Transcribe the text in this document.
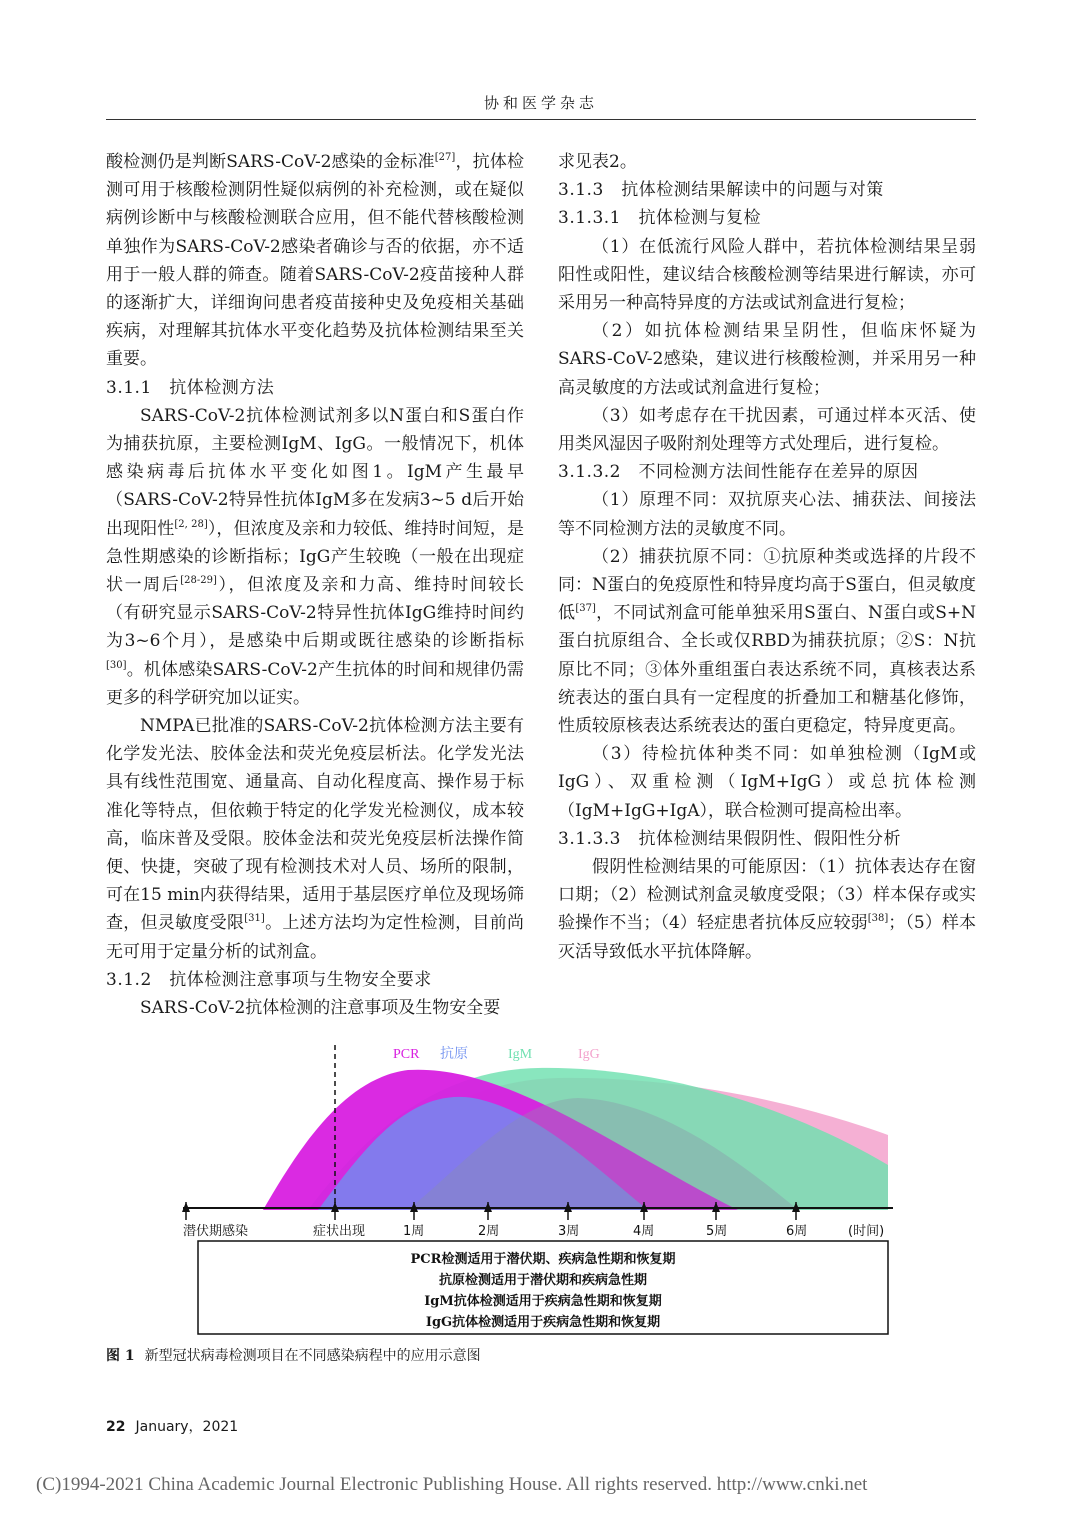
协和医学杂志

酸检测仍是判断SARS-CoV-2感染的金标准[27]，抗体检测可用于核酸检测阴性疑似病例的补充检测，或在疑似病例诊断中与核酸检测联合应用，但不能代替核酸检测单独作为SARS-CoV-2感染者确诊与否的依据，亦不适用于一般人群的筛查。随着SARS-CoV-2疫苗接种人群的逐渐扩大，详细询问患者疫苗接种史及免疫相关基础疾病，对理解其抗体水平变化趋势及抗体检测结果至关重要。

3.1.1　抗体检测方法

SARS-CoV-2抗体检测试剂多以N蛋白和S蛋白作为捕获抗原，主要检测IgM、IgG。一般情况下，机体感染病毒后抗体水平变化如图1。IgM产生最早（SARS-CoV-2特异性抗体IgM多在发病3~5 d后开始出现阳性[2, 28]），但浓度及亲和力较低、维持时间短，是急性期感染的诊断指标；IgG产生较晚（一般在出现症状一周后[28-29]），但浓度及亲和力高、维持时间较长（有研究显示SARS-CoV-2特异性抗体IgG维持时间约为3~6个月），是感染中后期或既往感染的诊断指标[30]。机体感染SARS-CoV-2产生抗体的时间和规律仍需更多的科学研究加以证实。

NMPA已批准的SARS-CoV-2抗体检测方法主要有化学发光法、胶体金法和荧光免疫层析法。化学发光法具有线性范围宽、通量高、自动化程度高、操作易于标准化等特点，但依赖于特定的化学发光检测仪，成本较高，临床普及受限。胶体金法和荧光免疫层析法操作简便、快捷，突破了现有检测技术对人员、场所的限制，可在15 min内获得结果，适用于基层医疗单位及现场筛查，但灵敏度受限[31]。上述方法均为定性检测，目前尚无可用于定量分析的试剂盒。

3.1.2　抗体检测注意事项与生物安全要求

SARS-CoV-2抗体检测的注意事项及生物安全要

求见表2。

3.1.3　抗体检测结果解读中的问题与对策

3.1.3.1　抗体检测与复检

（1）在低流行风险人群中，若抗体检测结果呈弱阳性或阳性，建议结合核酸检测等结果进行解读，亦可采用另一种高特异度的方法或试剂盒进行复检；

（2）如抗体检测结果呈阴性，但临床怀疑为SARS-CoV-2感染，建议进行核酸检测，并采用另一种高灵敏度的方法或试剂盒进行复检；

（3）如考虑存在干扰因素，可通过样本灭活、使用类风湿因子吸附剂处理等方式处理后，进行复检。

3.1.3.2　不同检测方法间性能存在差异的原因

（1）原理不同：双抗原夹心法、捕获法、间接法等不同检测方法的灵敏度不同。

（2）捕获抗原不同：①抗原种类或选择的片段不同：N蛋白的免疫原性和特异度均高于S蛋白，但灵敏度低[37]，不同试剂盒可能单独采用S蛋白、N蛋白或S+N蛋白抗原组合、全长或仅RBD为捕获抗原；②S：N抗原比不同；③体外重组蛋白表达系统不同，真核表达系统表达的蛋白具有一定程度的折叠加工和糖基化修饰，性质较原核表达系统表达的蛋白更稳定，特异度更高。

（3）待检抗体种类不同：如单独检测（IgM或IgG）、双重检测（IgM+IgG）或总抗体检测（IgM+IgG+IgA），联合检测可提高检出率。

3.1.3.3　抗体检测结果假阴性、假阳性分析

假阴性检测结果的可能原因：（1）抗体表达存在窗口期；（2）检测试剂盒灵敏度受限；（3）样本保存或实验操作不当；（4）轻症患者抗体反应较弱[38]；（5）样本灭活导致低水平抗体降解。

PCR 抗原	IgM	IgG
潜伏期感染	症状出现	1周	2周	3周	4周	5周	6周	(时间)
PCR检测适用于潜伏期、疾病急性期和恢复期
抗原检测适用于潜伏期和疾病急性期
IgM抗体检测适用于疾病急性期和恢复期
IgG抗体检测适用于疾病急性期和恢复期
图 1 新型冠状病毒检测项目在不同感染病程中的应用示意图
22 January，2021
(C)1994-2021 China Academic Journal Electronic Publishing House. All rights reserved. http://www.cnki.net
